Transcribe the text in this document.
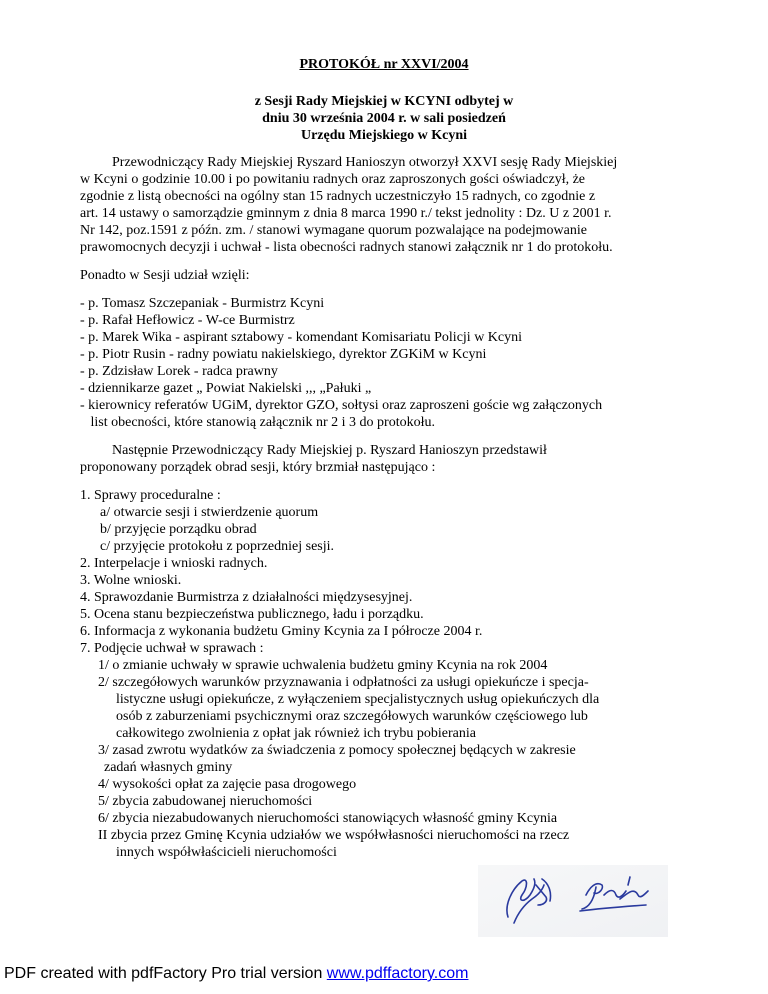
PROTOKÓŁ nr XXVI/2004
z Sesji Rady Miejskiej w KCYNI odbytej w
dniu 30 września 2004 r. w sali posiedzeń
Urzędu Miejskiego w Kcyni
Przewodniczący Rady Miejskiej Ryszard Hanioszyn otworzył XXVI sesję Rady Miejskiej
w Kcyni o godzinie 10.00 i po powitaniu radnych oraz zaproszonych gości oświadczył, że
zgodnie z listą obecności na ogólny stan 15 radnych uczestniczyło 15 radnych, co zgodnie z
art. 14 ustawy o samorządzie gminnym z dnia 8 marca 1990 r./ tekst jednolity : Dz. U z 2001 r.
Nr 142, poz.1591 z późn. zm. / stanowi wymagane quorum pozwalające na podejmowanie
prawomocnych decyzji i uchwał - lista obecności radnych stanowi załącznik nr 1 do protokołu.
Ponadto w Sesji udział wzięli:
- p. Tomasz Szczepaniak - Burmistrz Kcyni
- p. Rafał Hefłowicz - W-ce Burmistrz
- p. Marek Wika - aspirant sztabowy - komendant Komisariatu Policji w Kcyni
- p. Piotr Rusin - radny powiatu nakielskiego, dyrektor ZGKiM w Kcyni
- p. Zdzisław Lorek - radca prawny
- dziennikarze gazet „ Powiat Nakielski ,,, „Pałuki „
- kierownicy referatów UGiM, dyrektor GZO, sołtysi oraz zaproszeni goście wg załączonych
list obecności, które stanowią załącznik nr 2 i 3 do protokołu.
Następnie Przewodniczący Rady Miejskiej p. Ryszard Hanioszyn przedstawił
proponowany porządek obrad sesji, który brzmiał następująco :
1. Sprawy proceduralne :
a/ otwarcie sesji i stwierdzenie ąuorum
b/ przyjęcie porządku obrad
c/ przyjęcie protokołu z poprzedniej sesji.
2. Interpelacje i wnioski radnych.
3. Wolne wnioski.
4. Sprawozdanie Burmistrza z działalności międzysesyjnej.
5. Ocena stanu bezpieczeństwa publicznego, ładu i porządku.
6. Informacja z wykonania budżetu Gminy Kcynia za I półrocze 2004 r.
7. Podjęcie uchwał w sprawach :
1/ o zmianie uchwały w sprawie uchwalenia budżetu gminy Kcynia na rok 2004
2/ szczegółowych warunków przyznawania i odpłatności za usługi opiekuńcze i specja-
listyczne usługi opiekuńcze, z wyłączeniem specjalistycznych usług opiekuńczych dla
osób z zaburzeniami psychicznymi oraz szczegółowych warunków częściowego lub
całkowitego zwolnienia z opłat jak również ich trybu pobierania
3/ zasad zwrotu wydatków za świadczenia z pomocy społecznej będących w zakresie
zadań własnych gminy
4/ wysokości opłat za zajęcie pasa drogowego
5/ zbycia zabudowanej nieruchomości
6/ zbycia niezabudowanych nieruchomości stanowiących własność gminy Kcynia
II zbycia przez Gminę Kcynia udziałów we współwłasności nieruchomości na rzecz
innych współwłaścicieli nieruchomości
PDF created with pdfFactory Pro trial version www.pdffactory.com
